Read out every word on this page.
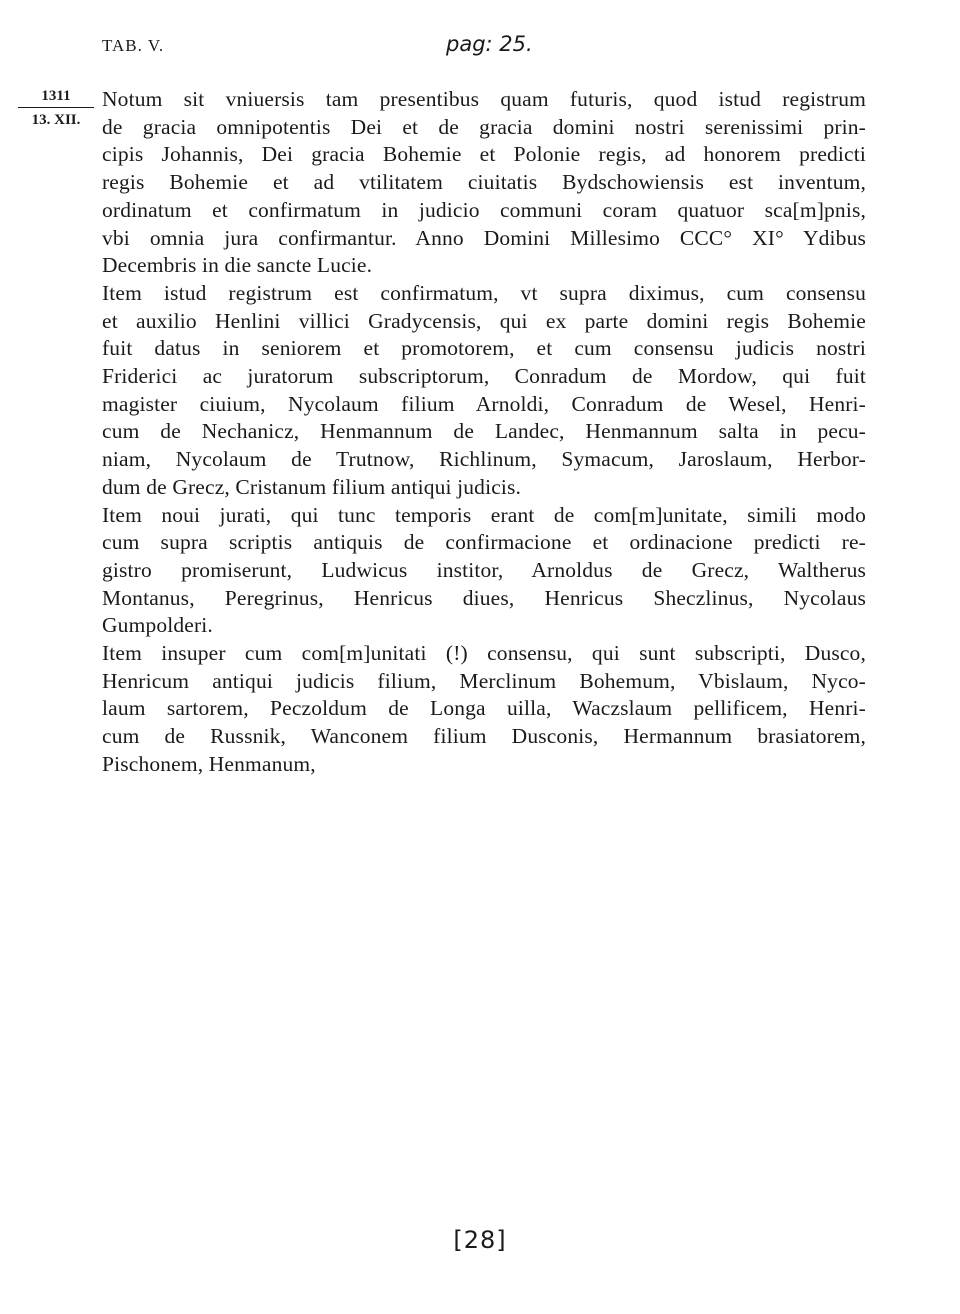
TAB. V.	pag: 25.
1311
13. XII.
Notum sit vniuersis tam presentibus quam futuris, quod istud registrum
de gracia omnipotentis Dei et de gracia domini nostri serenissimi prin-
cipis Johannis, Dei gracia Bohemie et Polonie regis, ad honorem predicti
regis Bohemie et ad vtilitatem ciuitatis Bydschowiensis est inventum,
ordinatum et confirmatum in judicio communi coram quatuor sca[m]pnis,
vbi omnia jura confirmantur. Anno Domini Millesimo CCC° XI° Ydibus
Decembris in die sancte Lucie.
Item istud registrum est confirmatum, vt supra diximus, cum consensu
et auxilio Henlini villici Gradycensis, qui ex parte domini regis Bohemie
fuit datus in seniorem et promotorem, et cum consensu judicis nostri
Friderici ac juratorum subscriptorum, Conradum de Mordow, qui fuit
magister ciuium, Nycolaum filium Arnoldi, Conradum de Wesel, Henri-
cum de Nechanicz, Henmannum de Landec, Henmannum salta in pecu-
niam, Nycolaum de Trutnow, Richlinum, Symacum, Jaroslaum, Herbor-
dum de Grecz, Cristanum filium antiqui judicis.
Item noui jurati, qui tunc temporis erant de com[m]unitate, simili modo
cum supra scriptis antiquis de confirmacione et ordinacione predicti re-
gistro promiserunt, Ludwicus institor, Arnoldus de Grecz, Waltherus
Montanus, Peregrinus, Henricus diues, Henricus Sheczlinus, Nycolaus
Gumpolderi.
Item insuper cum com[m]unitati (!) consensu, qui sunt subscripti, Dusco,
Henricum antiqui judicis filium, Merclinum Bohemum, Vbislaum, Nyco-
laum sartorem, Peczoldum de Longa uilla, Waczslaum pellificem, Henri-
cum de Russnik, Wanconem filium Dusconis, Hermannum brasiatorem,
Pischonem, Henmanum,
[28]
